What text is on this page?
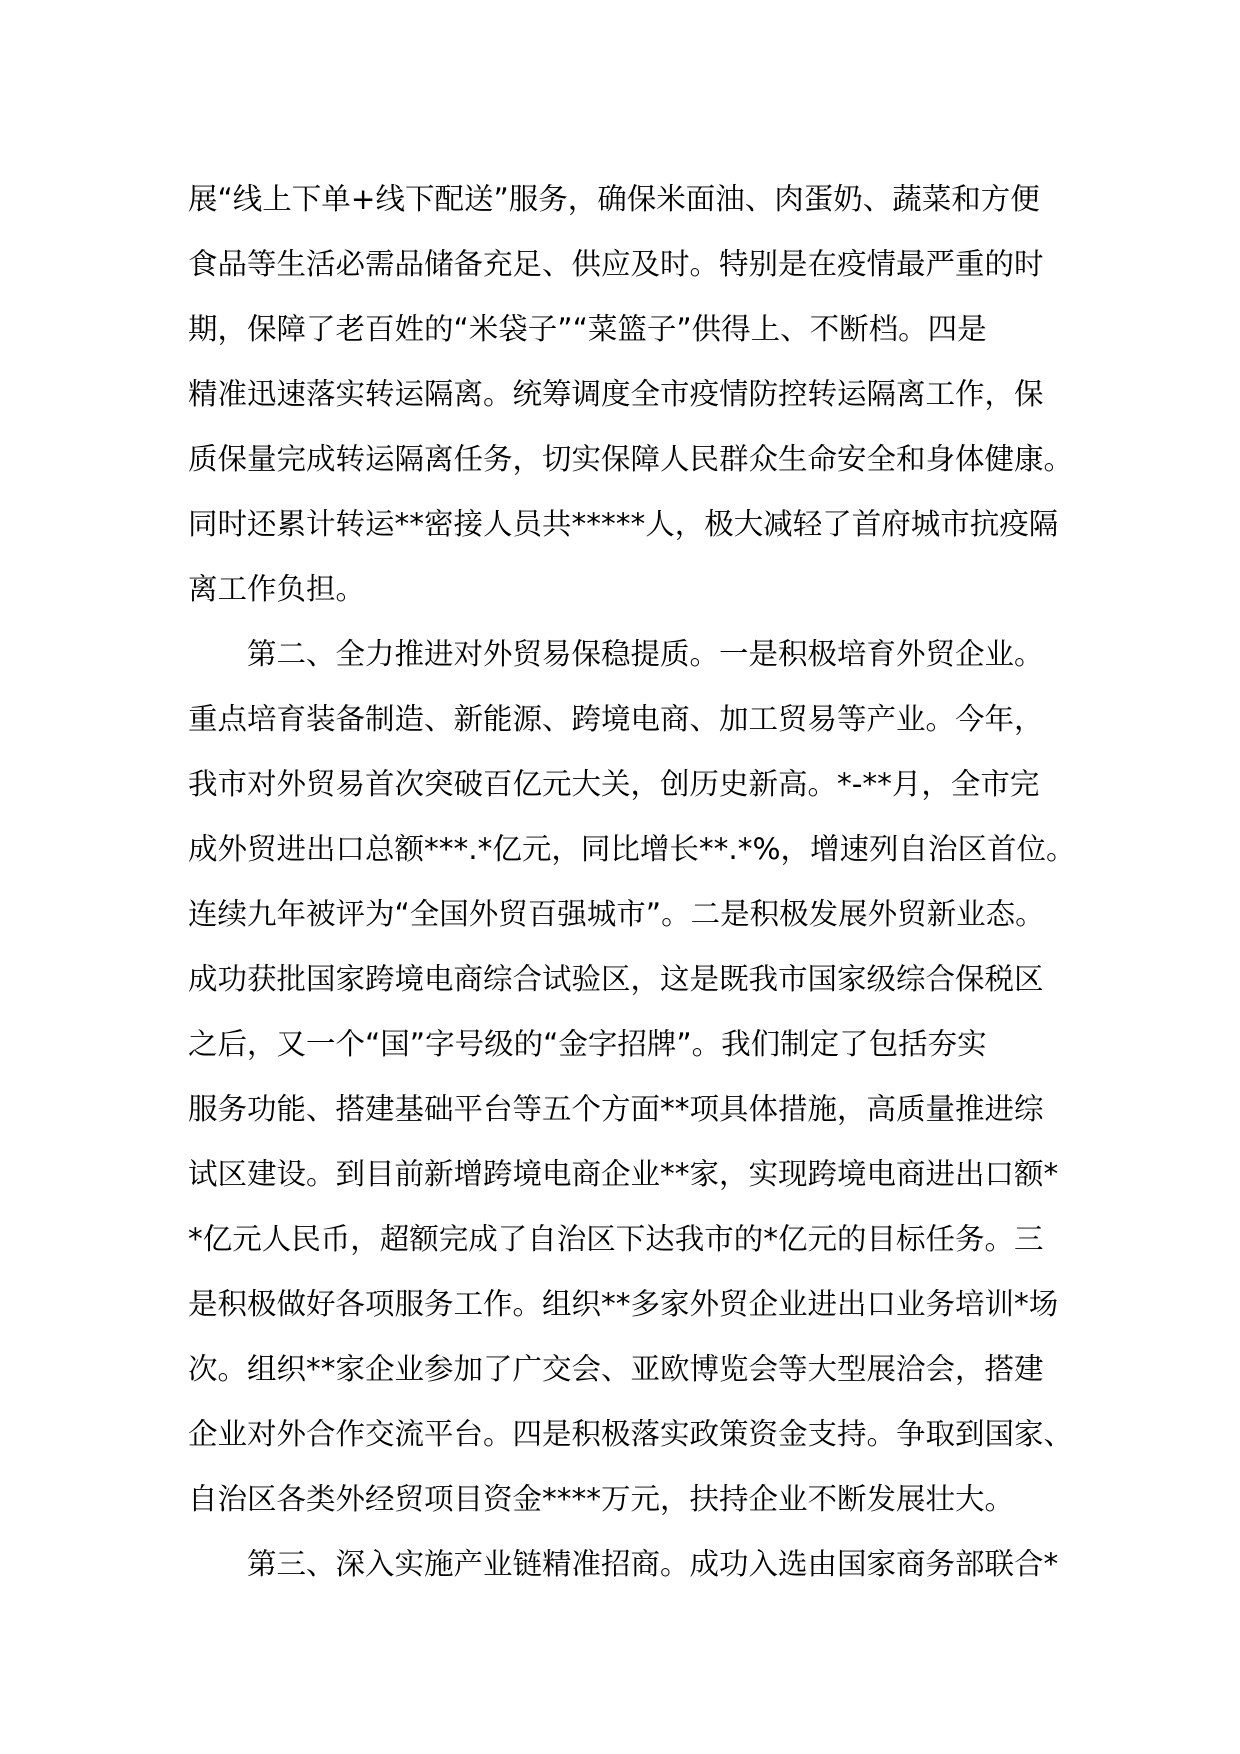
展“线上下单+线下配送”服务，确保米面油、肉蛋奶、蔬菜和方便
食品等生活必需品储备充足、供应及时。特别是在疫情最严重的时
期，保障了老百姓的“米袋子”“菜篮子”供得上、不断档。四是
精准迅速落实转运隔离。统筹调度全市疫情防控转运隔离工作，保
质保量完成转运隔离任务，切实保障人民群众生命安全和身体健康。
同时还累计转运**密接人员共*****人，极大减轻了首府城市抗疫隔
离工作负担。
　　第二、全力推进对外贸易保稳提质。一是积极培育外贸企业。
重点培育装备制造、新能源、跨境电商、加工贸易等产业。今年，
我市对外贸易首次突破百亿元大关，创历史新高。*-**月，全市完
成外贸进出口总额***.*亿元，同比增长**.*%，增速列自治区首位。
连续九年被评为“全国外贸百强城市”。二是积极发展外贸新业态。
成功获批国家跨境电商综合试验区，这是既我市国家级综合保税区
之后，又一个“国”字号级的“金字招牌”。我们制定了包括夯实
服务功能、搭建基础平台等五个方面**项具体措施，高质量推进综
试区建设。到目前新增跨境电商企业**家，实现跨境电商进出口额*
*亿元人民币，超额完成了自治区下达我市的*亿元的目标任务。三
是积极做好各项服务工作。组织**多家外贸企业进出口业务培训*场
次。组织**家企业参加了广交会、亚欧博览会等大型展洽会，搭建
企业对外合作交流平台。四是积极落实政策资金支持。争取到国家、
自治区各类外经贸项目资金****万元，扶持企业不断发展壮大。
　　第三、深入实施产业链精准招商。成功入选由国家商务部联合*
